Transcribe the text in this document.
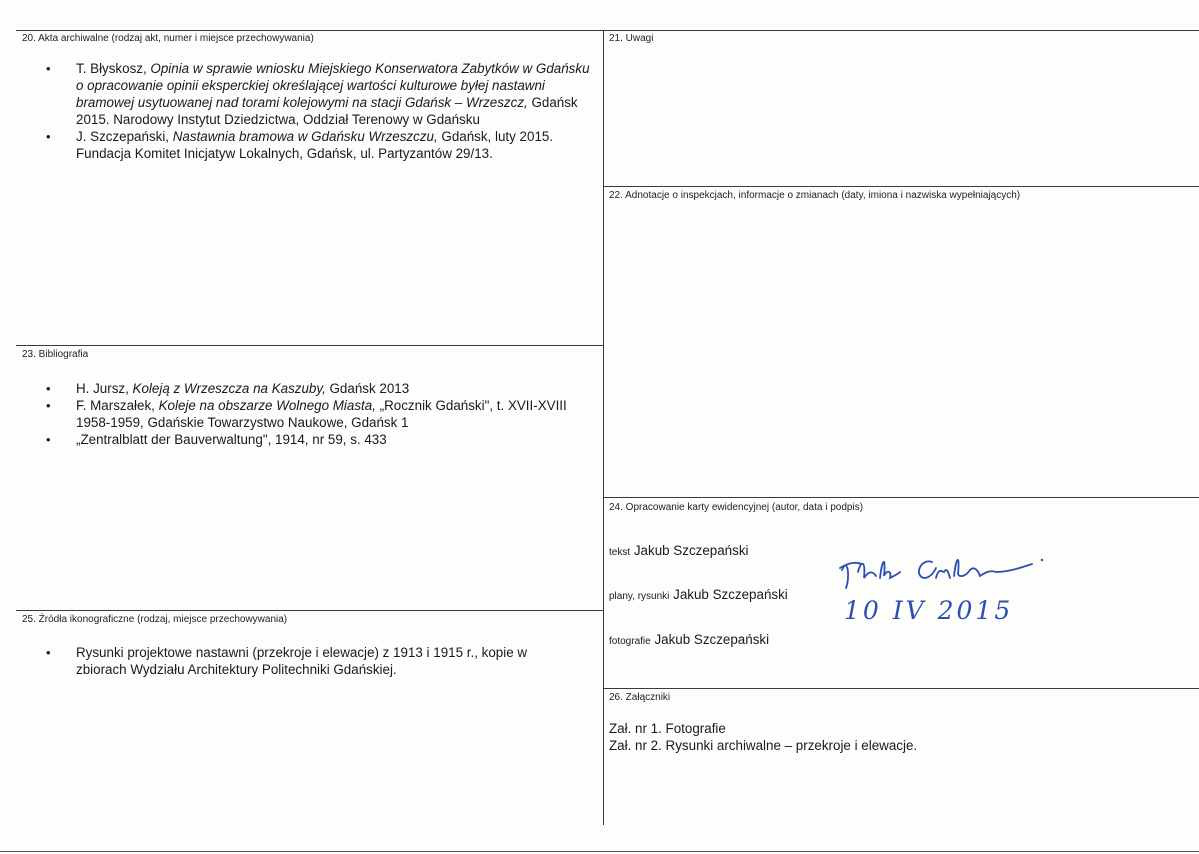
20. Akta archiwalne (rodzaj akt, numer i miejsce przechowywania)
• T. Błyskosz, Opinia w sprawie wniosku Miejskiego Konserwatora Zabytków w Gdańsku o opracowanie opinii eksperckiej określającej wartości kulturowe byłej nastawni bramowej usytuowanej nad torami kolejowymi na stacji Gdańsk – Wrzeszcz, Gdańsk 2015. Narodowy Instytut Dziedzictwa, Oddział Terenowy w Gdańsku
• J. Szczepański, Nastawnia bramowa w Gdańsku Wrzeszczu, Gdańsk, luty 2015. Fundacja Komitet Inicjatyw Lokalnych, Gdańsk, ul. Partyzantów 29/13.
21. Uwagi
22. Adnotacje o inspekcjach, informacje o zmianach (daty, imiona i nazwiska wypełniających)
23. Bibliografia
• H. Jursz, Koleją z Wrzeszcza na Kaszuby, Gdańsk 2013
• F. Marszałek, Koleje na obszarze Wolnego Miasta, „Rocznik Gdański", t. XVII-XVIII 1958-1959, Gdańskie Towarzystwo Naukowe, Gdańsk 1
• „Zentralblatt der Bauverwaltung", 1914, nr 59, s. 433
24. Opracowanie karty ewidencyjnej (autor, data i podpis)
tekst Jakub Szczepański
plany, rysunki Jakub Szczepański
fotografie Jakub Szczepański
10 IV 2015
25. Źródła ikonograficzne (rodzaj, miejsce przechowywania)
• Rysunki projektowe nastawni (przekroje i elewacje) z 1913 i 1915 r., kopie w zbiorach Wydziału Architektury Politechniki Gdańskiej.
26. Załączniki
Zał. nr 1. Fotografie
Zał. nr 2. Rysunki archiwalne – przekroje i elewacje.
